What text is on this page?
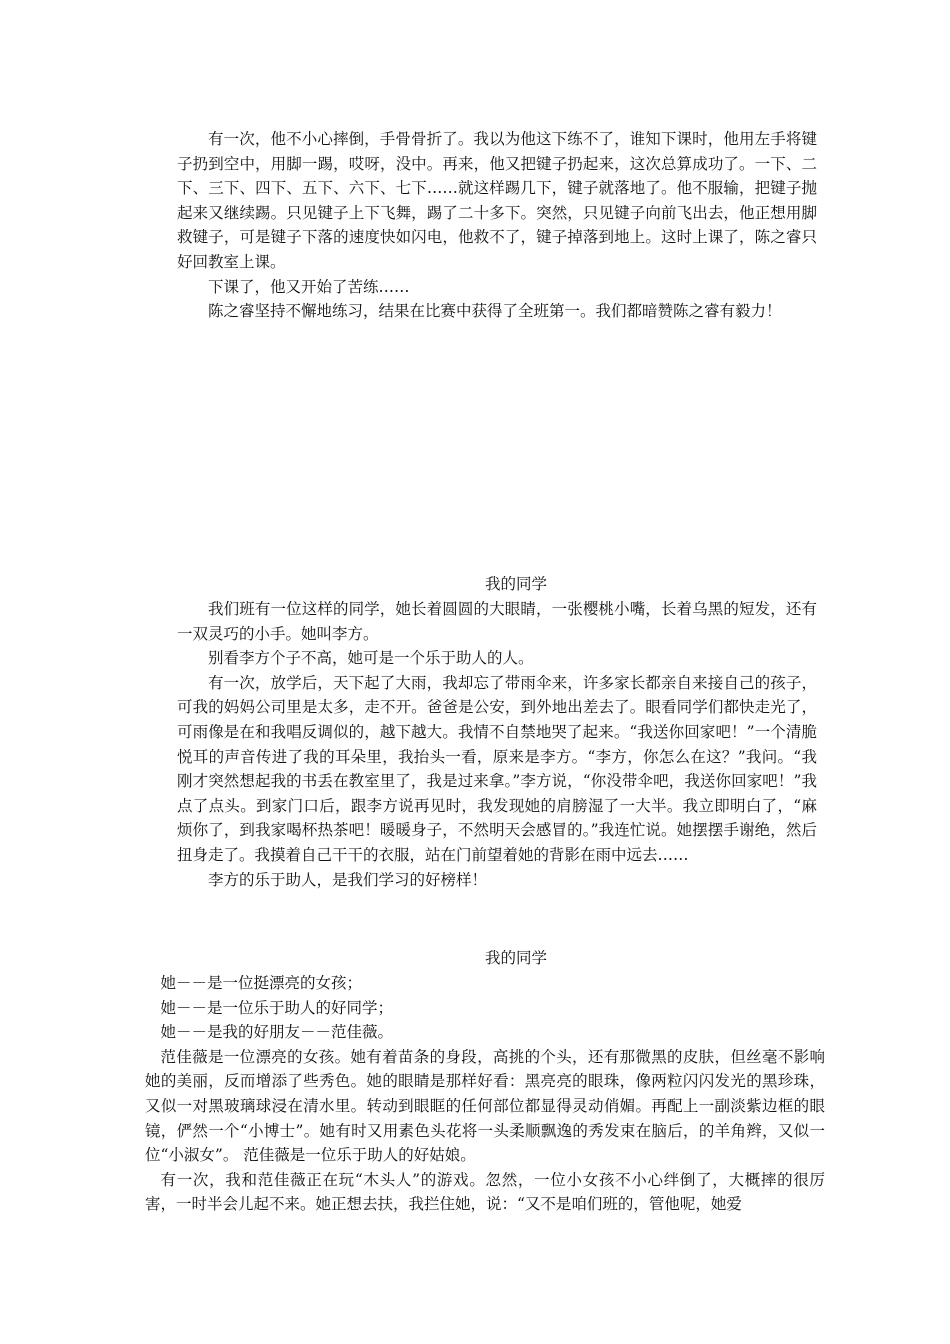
有一次，他不小心摔倒，手骨骨折了。我以为他这下练不了，谁知下课时，他用左手将键子扔到空中，用脚一踢，哎呀，没中。再来，他又把键子扔起来，这次总算成功了。一下、二下、三下、四下、五下、六下、七下……就这样踢几下，键子就落地了。他不服输，把键子抛起来又继续踢。只见键子上下飞舞，踢了二十多下。突然，只见键子向前飞出去，他正想用脚救键子，可是键子下落的速度快如闪电，他救不了，键子掉落到地上。这时上课了，陈之睿只好回教室上课。

下课了，他又开始了苦练……

陈之睿坚持不懈地练习，结果在比赛中获得了全班第一。我们都暗赞陈之睿有毅力！

我的同学

我们班有一位这样的同学，她长着圆圆的大眼睛，一张樱桃小嘴，长着乌黑的短发，还有一双灵巧的小手。她叫李方。

别看李方个子不高，她可是一个乐于助人的人。

有一次，放学后，天下起了大雨，我却忘了带雨伞来，许多家长都亲自来接自己的孩子，可我的妈妈公司里是太多，走不开。爸爸是公安，到外地出差去了。眼看同学们都快走光了，可雨像是在和我唱反调似的，越下越大。我情不自禁地哭了起来。“我送你回家吧！”一个清脆悦耳的声音传进了我的耳朵里，我抬头一看，原来是李方。“李方，你怎么在这？”我问。“我刚才突然想起我的书丢在教室里了，我是过来拿。”李方说，“你没带伞吧，我送你回家吧！”我点了点头。到家门口后，跟李方说再见时，我发现她的肩膀湿了一大半。我立即明白了，“麻烦你了，到我家喝杯热茶吧！暖暖身子，不然明天会感冒的。”我连忙说。她摆摆手谢绝，然后扭身走了。我摸着自己干干的衣服，站在门前望着她的背影在雨中远去……

李方的乐于助人，是我们学习的好榜样！

我的同学

她－－是一位挺漂亮的女孩；

她－－是一位乐于助人的好同学；

她－－是我的好朋友－－范佳薇。

范佳薇是一位漂亮的女孩。她有着苗条的身段，高挑的个头，还有那微黑的皮肤，但丝毫不影响她的美丽，反而增添了些秀色。她的眼睛是那样好看：黑亮亮的眼珠，像两粒闪闪发光的黑珍珠，又似一对黑玻璃球浸在清水里。转动到眼眶的任何部位都显得灵动俏媚。再配上一副淡紫边框的眼镜，俨然一个“小博士”。她有时又用素色头花将一头柔顺飘逸的秀发束在脑后，的羊角辫，又似一位“小淑女”。 范佳薇是一位乐于助人的好姑娘。

有一次，我和范佳薇正在玩“木头人”的游戏。忽然，一位小女孩不小心绊倒了，大概摔的很厉害，一时半会儿起不来。她正想去扶，我拦住她，说：“又不是咱们班的，管他呢，她爱
